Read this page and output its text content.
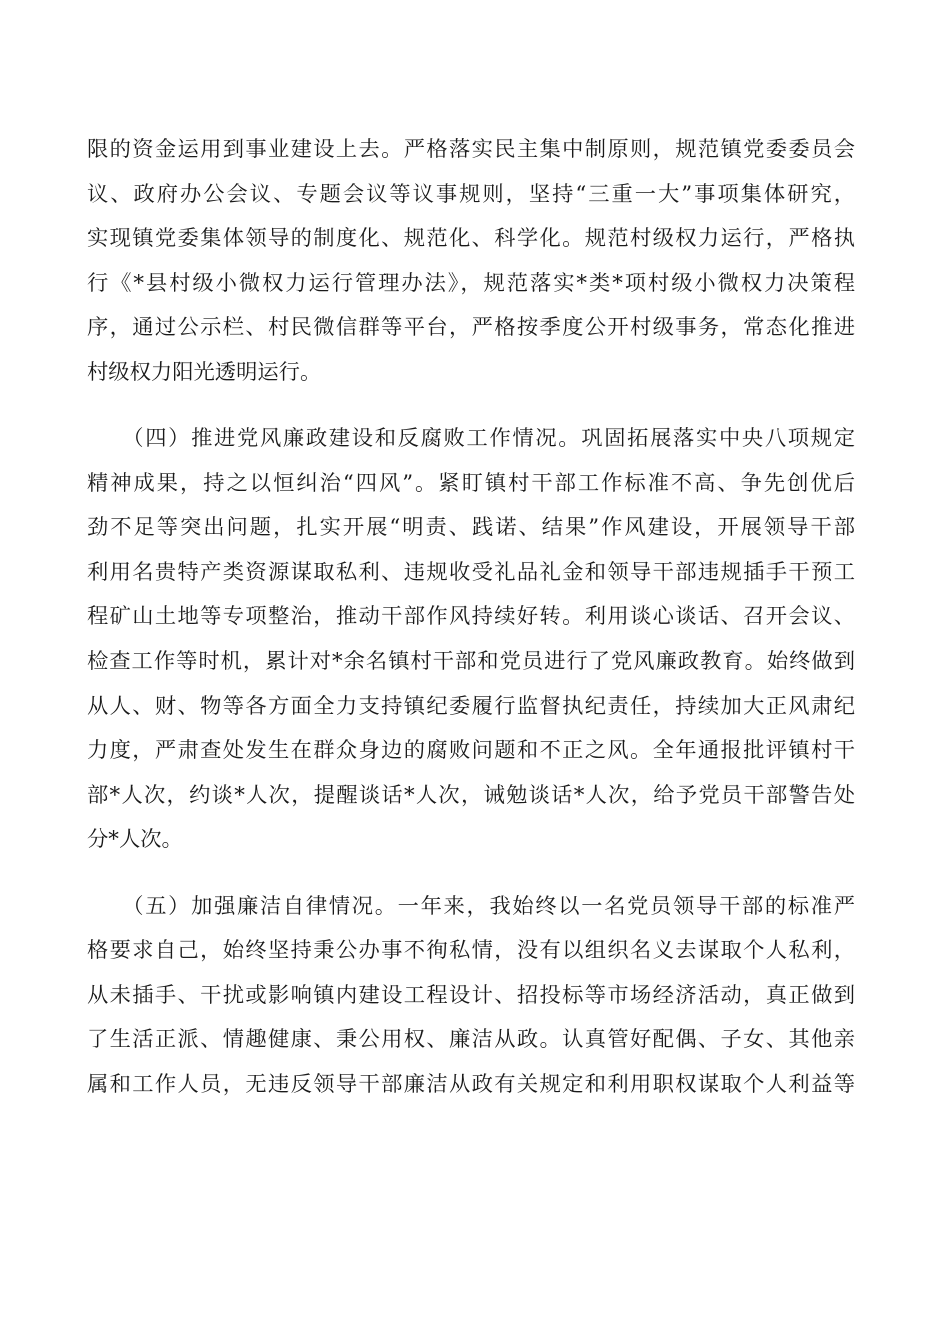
限的资金运用到事业建设上去。严格落实民主集中制原则，规范镇党委委员会
议、政府办公会议、专题会议等议事规则，坚持“三重一大”事项集体研究，
实现镇党委集体领导的制度化、规范化、科学化。规范村级权力运行，严格执
行《*县村级小微权力运行管理办法》，规范落实*类*项村级小微权力决策程
序，通过公示栏、村民微信群等平台，严格按季度公开村级事务，常态化推进
村级权力阳光透明运行。
　　（四）推进党风廉政建设和反腐败工作情况。巩固拓展落实中央八项规定
精神成果，持之以恒纠治“四风”。紧盯镇村干部工作标准不高、争先创优后
劲不足等突出问题，扎实开展“明责、践诺、结果”作风建设，开展领导干部
利用名贵特产类资源谋取私利、违规收受礼品礼金和领导干部违规插手干预工
程矿山土地等专项整治，推动干部作风持续好转。利用谈心谈话、召开会议、
检查工作等时机，累计对*余名镇村干部和党员进行了党风廉政教育。始终做到
从人、财、物等各方面全力支持镇纪委履行监督执纪责任，持续加大正风肃纪
力度，严肃查处发生在群众身边的腐败问题和不正之风。全年通报批评镇村干
部*人次，约谈*人次，提醒谈话*人次，诫勉谈话*人次，给予党员干部警告处
分*人次。
　　（五）加强廉洁自律情况。一年来，我始终以一名党员领导干部的标准严
格要求自己，始终坚持秉公办事不徇私情，没有以组织名义去谋取个人私利，
从未插手、干扰或影响镇内建设工程设计、招投标等市场经济活动，真正做到
了生活正派、情趣健康、秉公用权、廉洁从政。认真管好配偶、子女、其他亲
属和工作人员，无违反领导干部廉洁从政有关规定和利用职权谋取个人利益等
